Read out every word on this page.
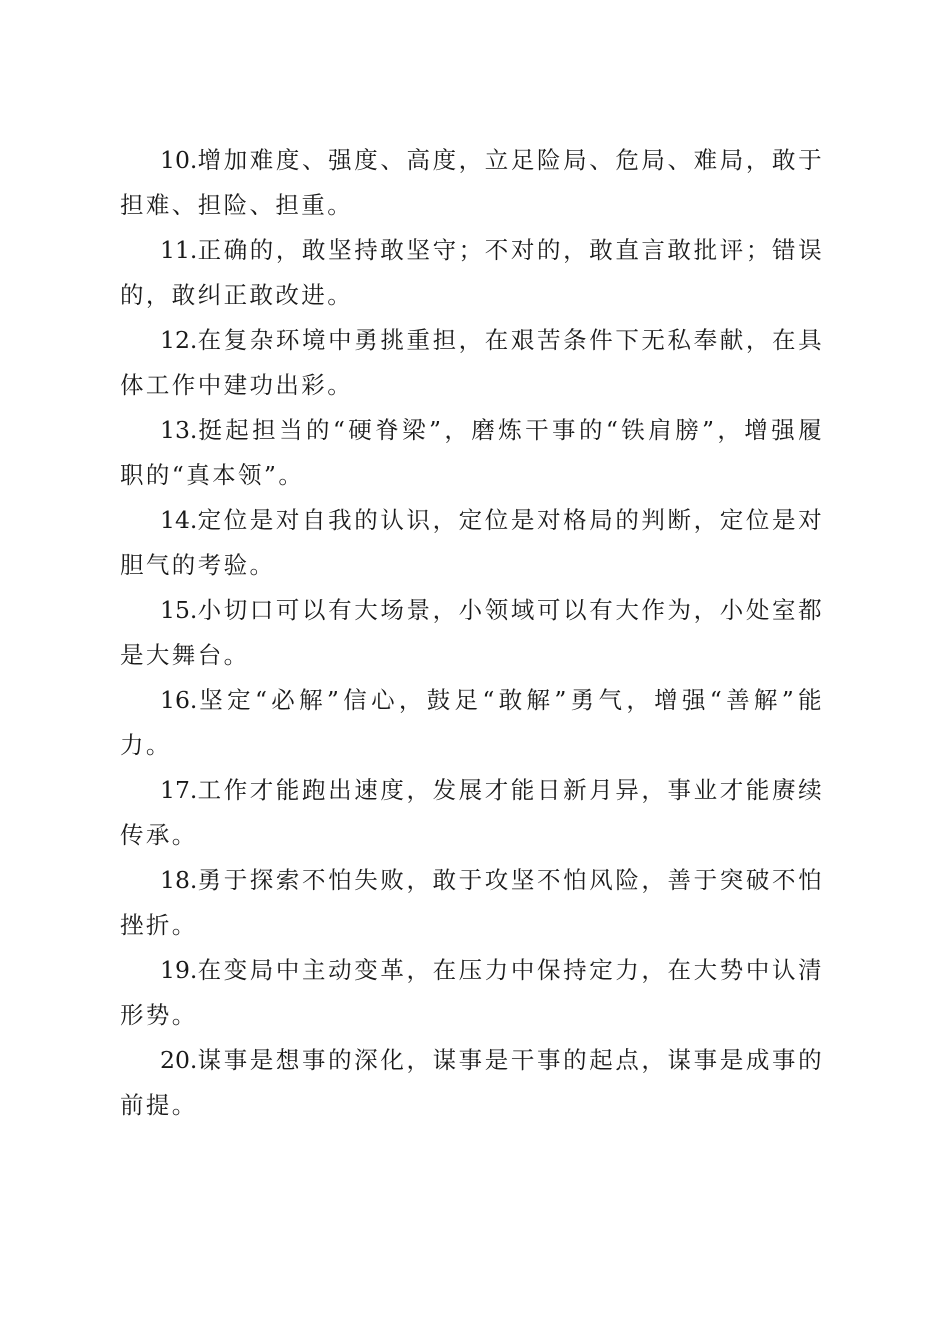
10.增加难度、强度、高度，立足险局、危局、难局，敢于担难、担险、担重。

11.正确的，敢坚持敢坚守；不对的，敢直言敢批评；错误的，敢纠正敢改进。

12.在复杂环境中勇挑重担，在艰苦条件下无私奉献，在具体工作中建功出彩。

13.挺起担当的“硬脊梁”，磨炼干事的“铁肩膀”，增强履职的“真本领”。

14.定位是对自我的认识，定位是对格局的判断，定位是对胆气的考验。

15.小切口可以有大场景，小领域可以有大作为，小处室都是大舞台。

16.坚定“必解”信心，鼓足“敢解”勇气，增强“善解”能力。

17.工作才能跑出速度，发展才能日新月异，事业才能赓续传承。

18.勇于探索不怕失败，敢于攻坚不怕风险，善于突破不怕挫折。

19.在变局中主动变革，在压力中保持定力，在大势中认清形势。

20.谋事是想事的深化，谋事是干事的起点，谋事是成事的前提。
